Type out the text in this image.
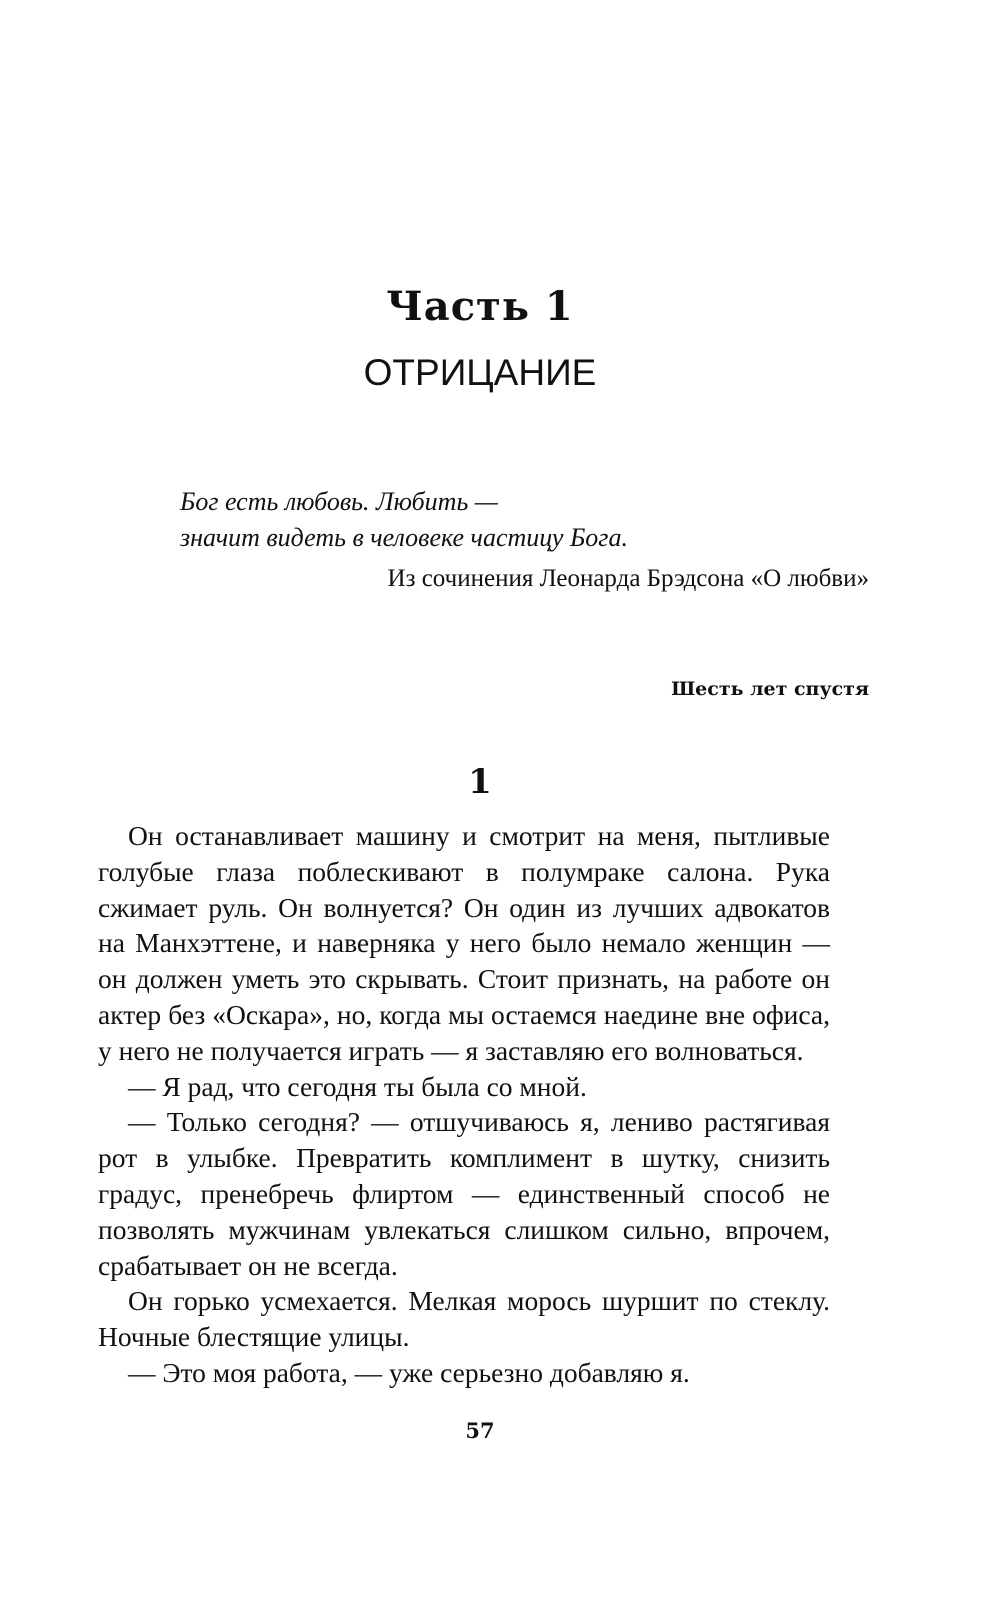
Часть 1
ОТРИЦАНИЕ
Бог есть любовь. Любить —
значит видеть в человеке частицу Бога.
Из сочинения Леонарда Брэдсона «О любви»
Шесть лет спустя
1

Он останавливает машину и смотрит на меня, пытливые голубые глаза поблескивают в полумраке салона. Рука сжимает руль. Он волнуется? Он один из лучших адвокатов на Манхэттене, и наверняка у него было немало женщин — он должен уметь это скрывать. Стоит признать, на работе он актер без «Оскара», но, когда мы остаемся наедине вне офиса, у него не получается играть — я заставляю его волноваться.

— Я рад, что сегодня ты была со мной.

— Только сегодня? — отшучиваюсь я, лениво растягивая рот в улыбке. Превратить комплимент в шутку, снизить градус, пренебречь флиртом — единственный способ не позволять мужчинам увлекаться слишком сильно, впрочем, срабатывает он не всегда.

Он горько усмехается. Мелкая морось шуршит по стеклу. Ночные блестящие улицы.

— Это моя работа, — уже серьезно добавляю я.

57
